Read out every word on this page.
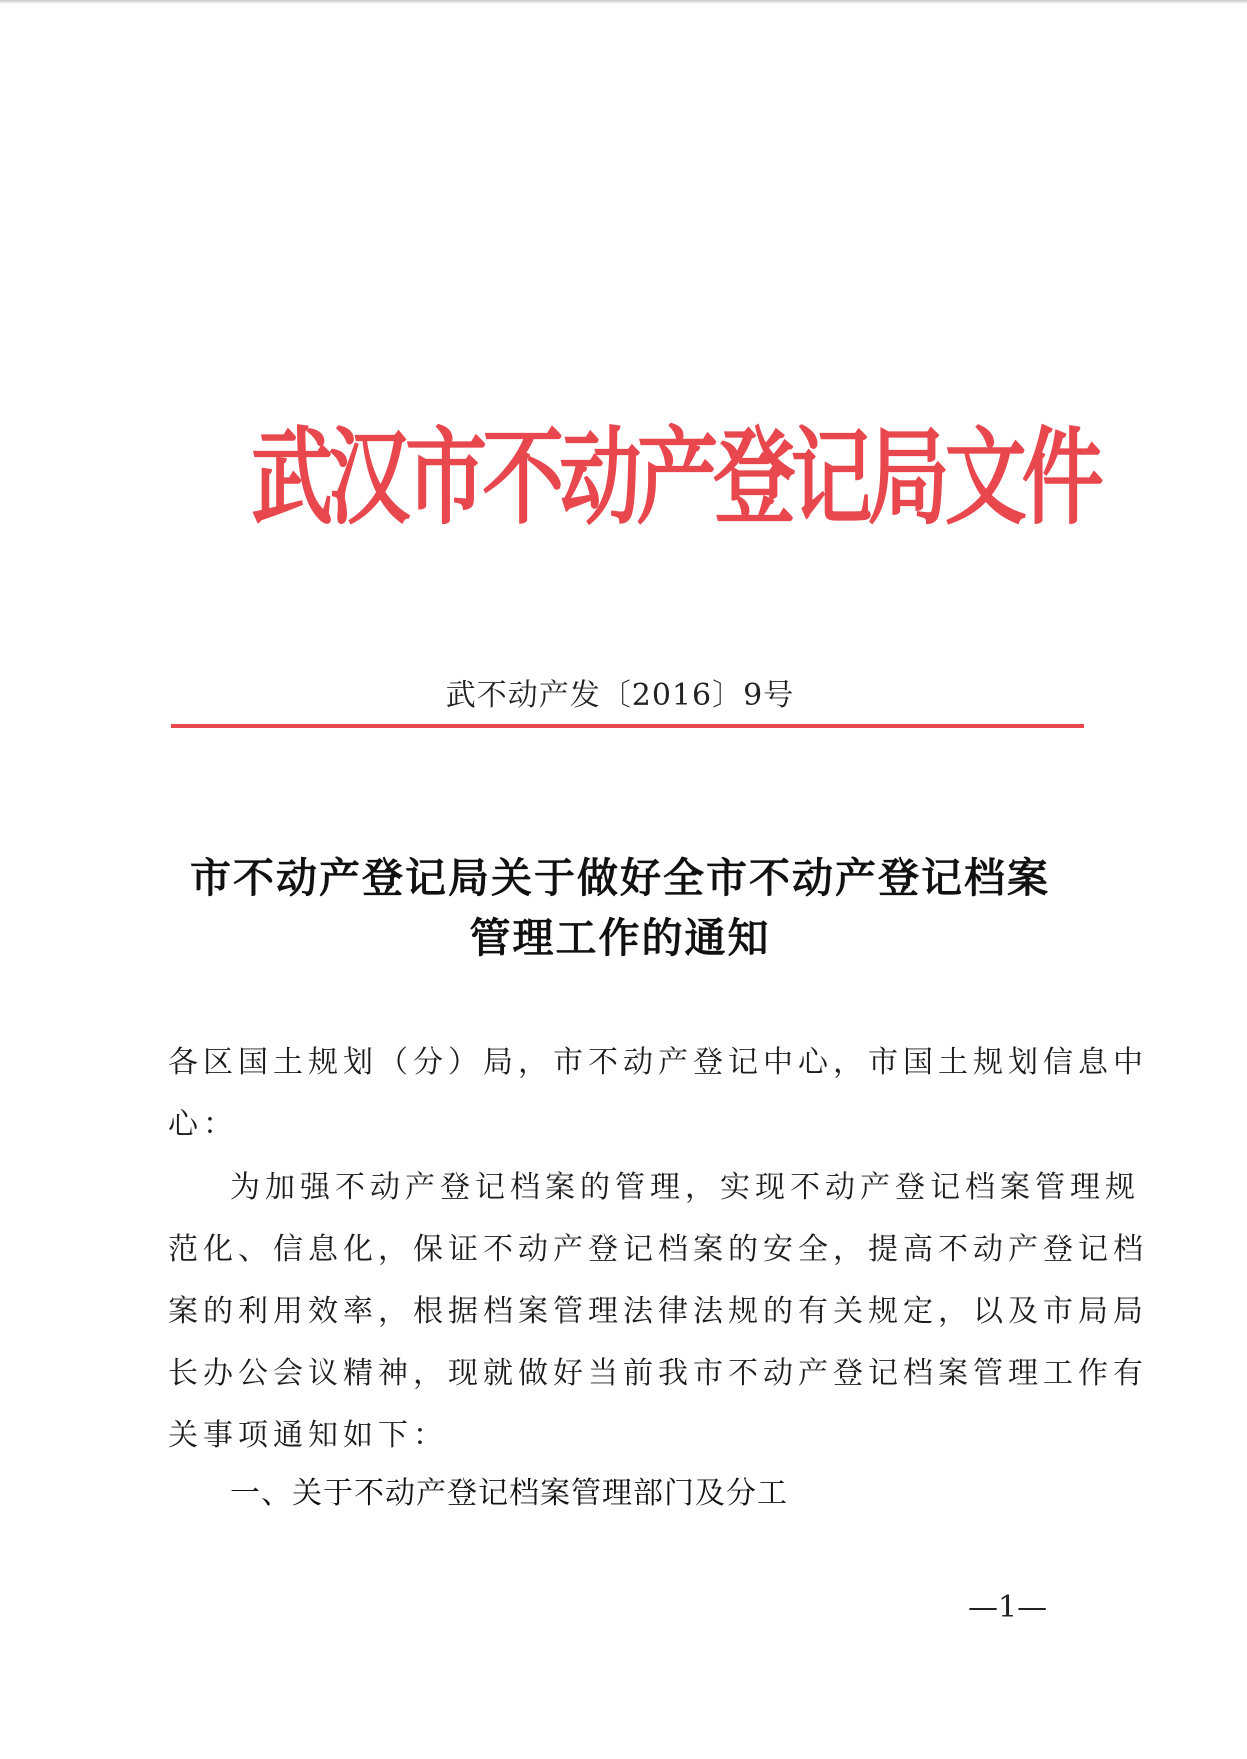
武汉市不动产登记局文件
武不动产发〔2016〕9号
市不动产登记局关于做好全市不动产登记档案
管理工作的通知
各区国土规划（分）局，市不动产登记中心，市国土规划信息中
心：
为加强不动产登记档案的管理，实现不动产登记档案管理规
范化、信息化，保证不动产登记档案的安全，提高不动产登记档
案的利用效率，根据档案管理法律法规的有关规定，以及市局局
长办公会议精神，现就做好当前我市不动产登记档案管理工作有
关事项通知如下：
一、关于不动产登记档案管理部门及分工
—1—
